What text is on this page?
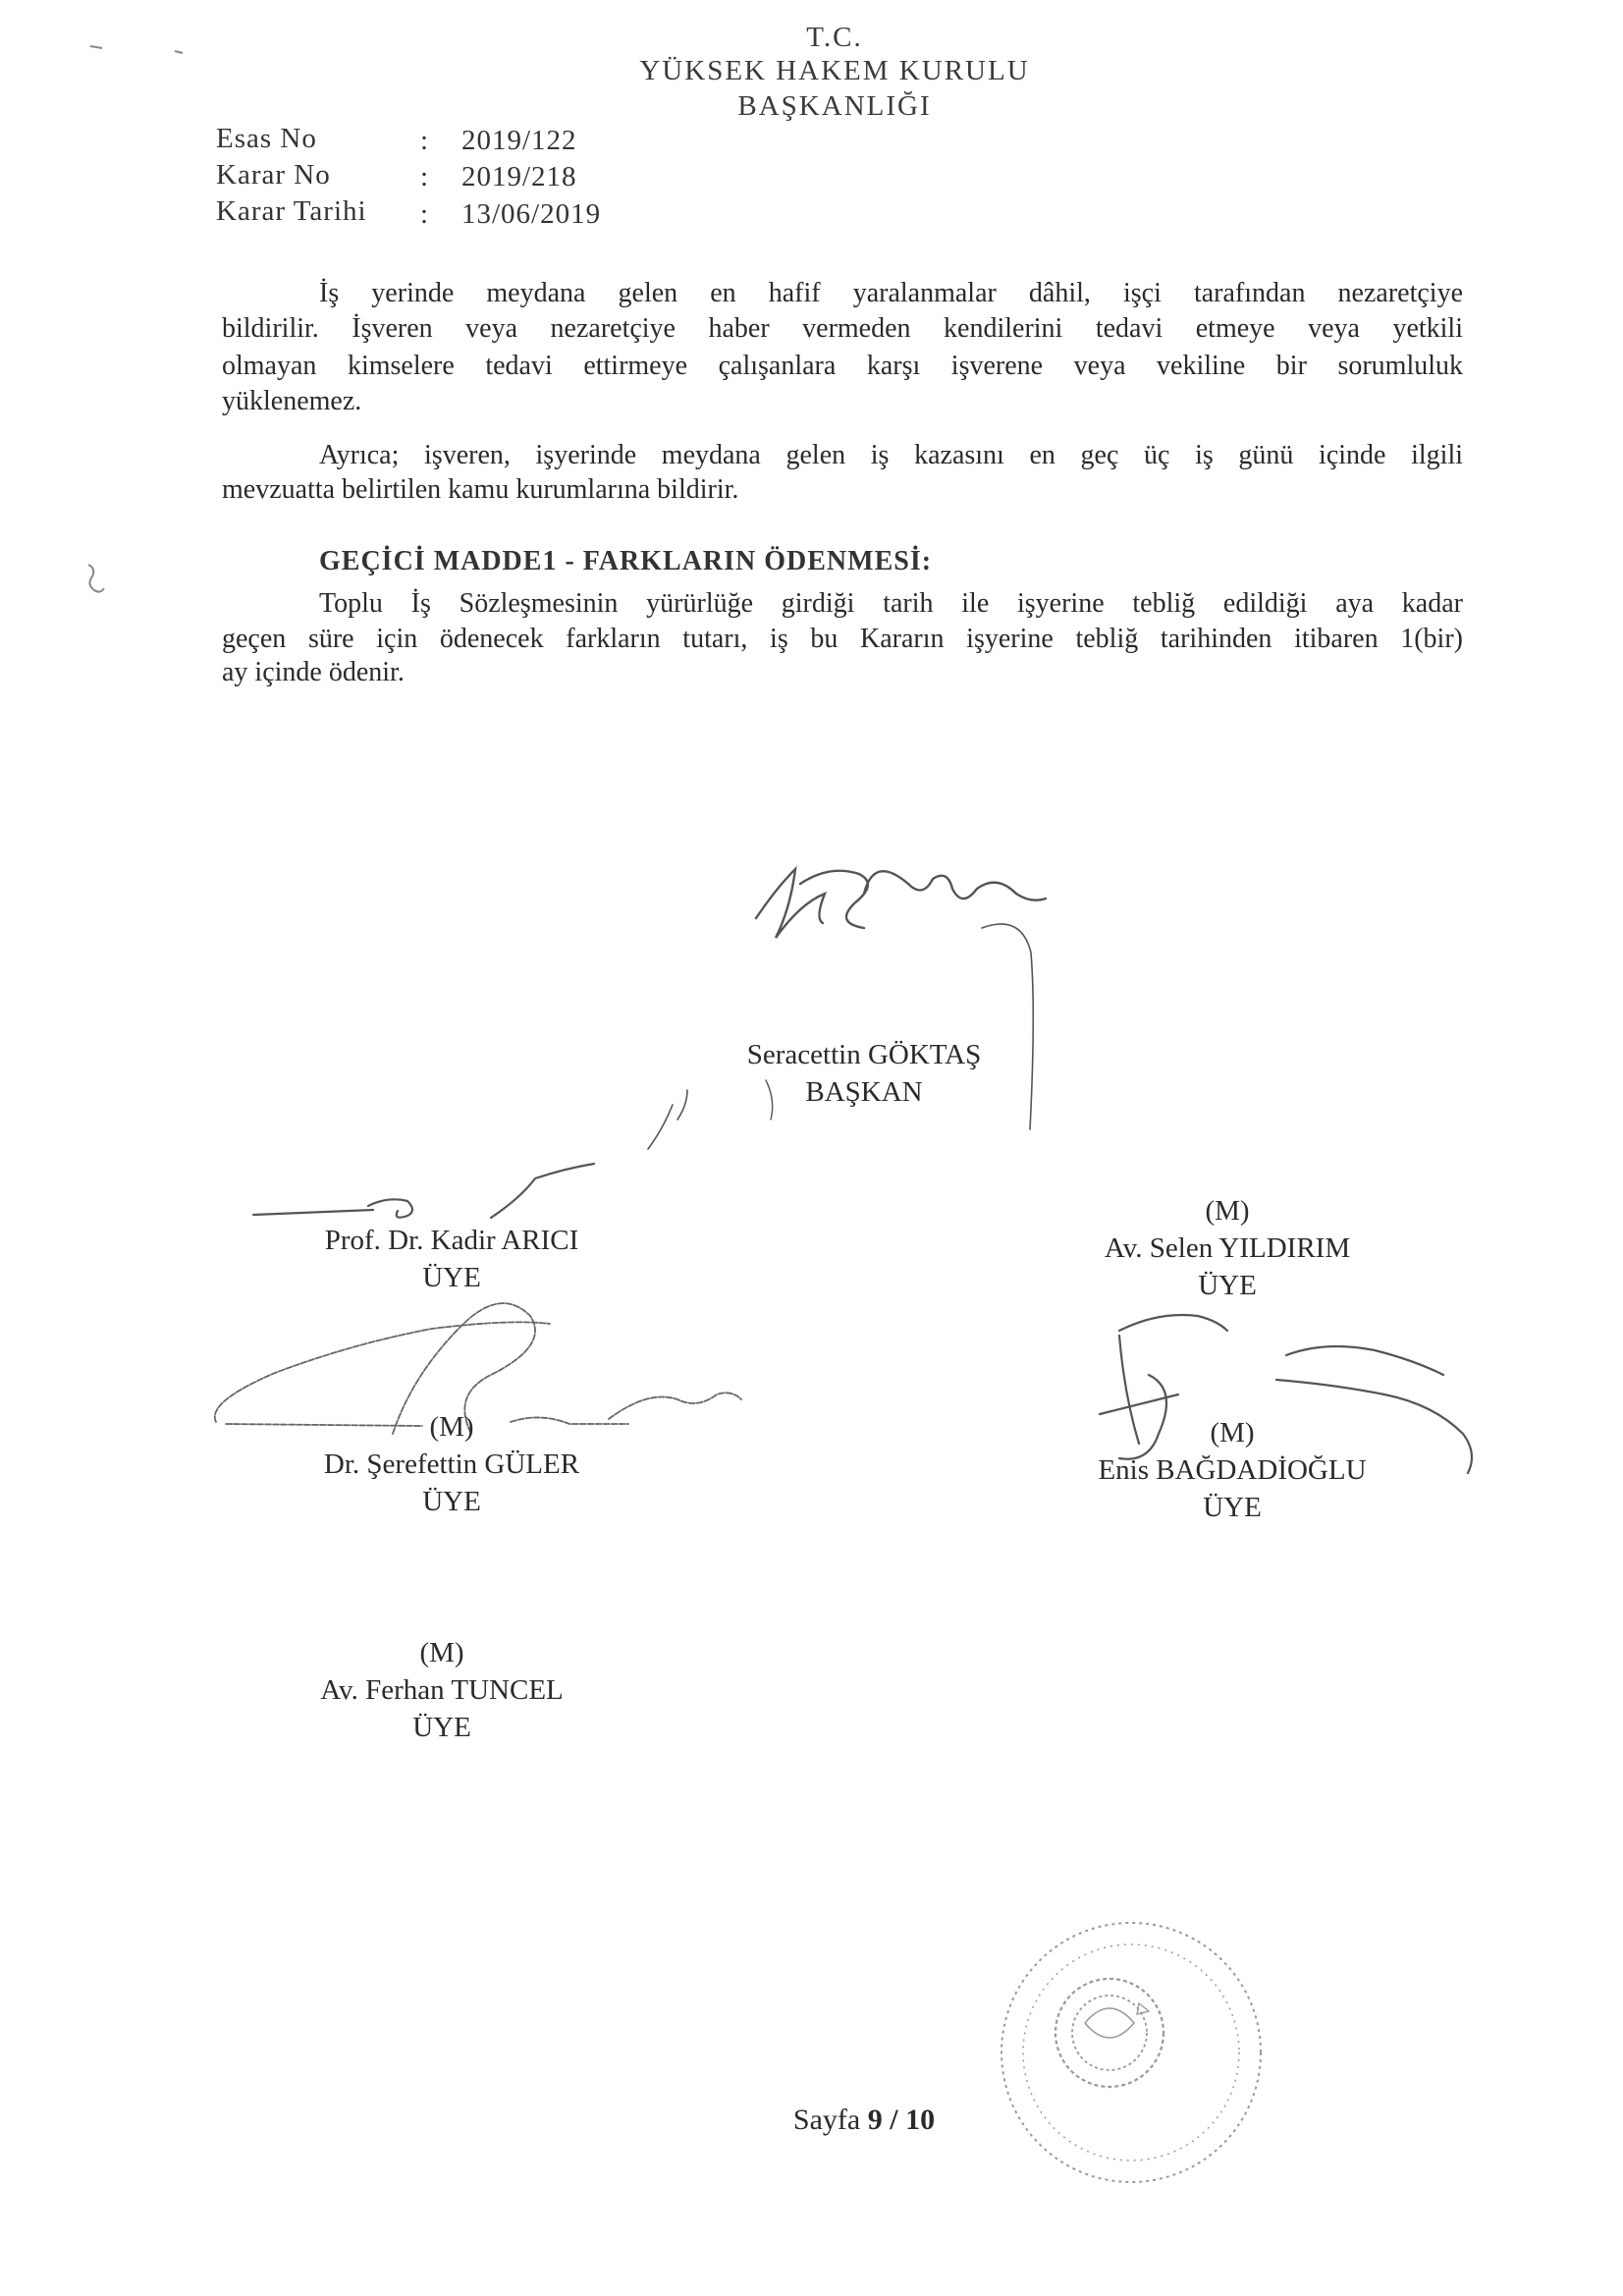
T.C.
YÜKSEK HAKEM KURULU
BAŞKANLIĞI
Esas No	: 2019/122
Karar No	: 2019/218
Karar Tarihi : 13/06/2019
İş yerinde meydana gelen en hafif yaralanmalar dâhil, işçi tarafından nezaretçiye
bildirilir. İşveren veya nezaretçiye haber vermeden kendilerini tedavi etmeye veya yetkili
olmayan kimselere tedavi ettirmeye çalışanlara karşı işverene veya vekiline bir sorumluluk
yüklenemez.
Ayrıca; işveren, işyerinde meydana gelen iş kazasını en geç üç iş günü içinde ilgili
mevzuatta belirtilen kamu kurumlarına bildirir.
GEÇİCİ MADDE1 - FARKLARIN ÖDENMESİ:
Toplu İş Sözleşmesinin yürürlüğe girdiği tarih ile işyerine tebliğ edildiği aya kadar
geçen süre için ödenecek farkların tutarı, iş bu Kararın işyerine tebliğ tarihinden itibaren 1(bir)
ay içinde ödenir.
Seracettin GÖKTAŞ
BAŞKAN
Prof. Dr. Kadir ARICI
ÜYE
(M)
Av. Selen YILDIRIM
ÜYE
(M)
Dr. Şerefettin GÜLER
ÜYE
(M)
Enis BAĞDADİOĞLU
ÜYE
(M)
Av. Ferhan TUNCEL
ÜYE
Sayfa 9 / 10
